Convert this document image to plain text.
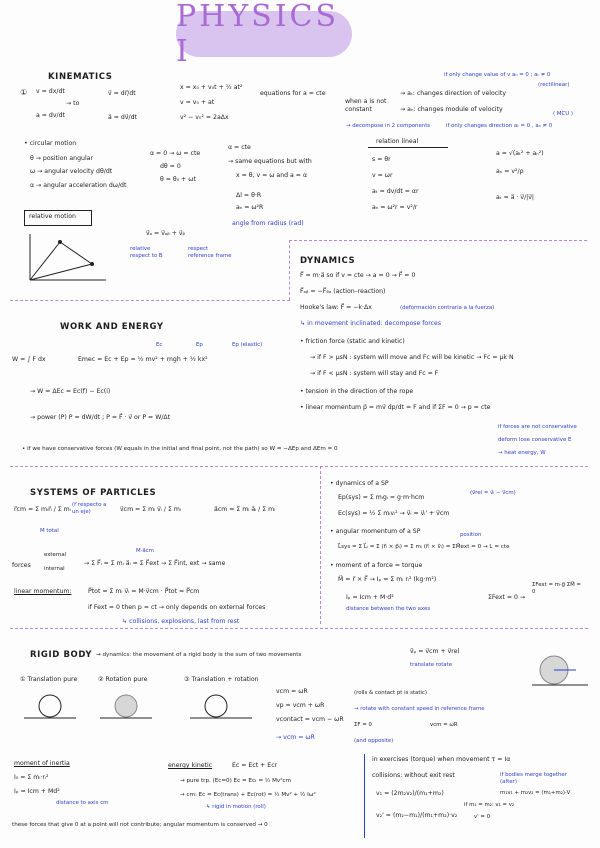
PHYSICS I
KINEMATICS
① v = dx/dt
a = dv/dt
→ to
v⃗ = dr⃗/dt
a⃗ = dv⃗/dt
x = x₀ + v₀t + ½ at²
v = v₀ + at
v² − v₀² = 2aΔx
equations for a = cte
when a is not constant
→ aₜ: changes direction of velocity
→ aₙ: changes module of velocity
if only change value of v aₙ = 0 ; aₜ ≠ 0
(rectilinear)
( MCU )
→ decompose in 2 components	if only changes direction aₜ = 0 , aₙ ≠ 0
• circular motion
θ → position angular
ω → angular velocity dθ/dt
α → angular acceleration dω/dt
α = 0 → ω = cte
dθ = 0
θ = θ₀ + ωt
α = cte
→ same equations but with
x = θ, v = ω and a = α
Δl = θ·R
aₙ = ω²R
angle from radius (rad)
relation lineal
s = θr
v = ωr
aₜ = dv/dt = αr
aₙ = ω²r = v²/r
a = √(aₜ² + aₙ²)
aₙ = v²/ρ
aₜ = a⃗ · v⃗/|v⃗|
relative motion
v⃗ₐ = v⃗ₐᵦ + v⃗ᵦ
relative respect to B
respect reference frame
DYNAMICS
F⃗ = m·a⃗ so if v = cte → a = 0 → F⃗ = 0
F⃗ₐᵦ = −F⃗ᵦₐ (action–reaction)
Hooke's law: F⃗ = −k·Δx	(deformación contraria a la fuerza)
↳ in movement inclinated: decompose forces
• friction force (static and kinetic)
→ if F > μsN : system will move and Fc will be kinetic → Fc = μk·N
→ if F < μsN : system will stay and Fc = F
• tension in the direction of the rope
• linear momentum p⃗ = mv⃗ dp/dt = F and if ΣF = 0 → p = cte
if forces are not conservative
deform lose conservative E
→ heat energy, W
WORK AND ENERGY
Ec	Ep	Ep (elastic)
W = ∫ F dx	Emec = Ec + Ep = ½ mv² + mgh + ½ kx²
→ W = ΔEc = Ec(f) − Ec(i)
→ power (P) P = dW/dt ; P = F⃗ · v⃗ or P = W/Δt
• if we have conservative forces (W equals in the initial and final point, not the path) so W = −ΔEp and ΔEm = 0
SYSTEMS OF PARTICLES
r⃗cm = Σ mᵢr⃗ᵢ / Σ mᵢ
(r⃗ respecto a un eje)	v⃗cm = Σ mᵢ v⃗ᵢ / Σ mᵢ	a⃗cm = Σ mᵢ a⃗ᵢ / Σ mᵢ
M total
forces
external
internal
→ Σ F⃗ᵢ = Σ mᵢ a⃗ᵢ = Σ F⃗ext → Σ F⃗int, ext → same
M·a⃗cm
linear momentum:	P⃗tot = Σ mᵢ v⃗ᵢ = M·v⃗cm · P⃗tot = P⃗cm
if Fext = 0 then p = ct → only depends on external forces
↳ collisions, explosions, last from rest
• dynamics of a SP
Ep(sys) = Σ mᵢgᵢ = g·m·hcm
Ec(sys) = ½ Σ mᵢvᵢ² → v⃗ᵢ = v⃗ᵢ' + v⃗cm
(v⃗rel = v⃗ᵢ − v⃗cm)
• angular momentum of a SP	position
L⃗sys = Σ L⃗ᵢ = Σ (r⃗ᵢ × p⃗ᵢ) = Σ mᵢ (r⃗ᵢ × v⃗ᵢ) = ΣM⃗ext = 0 → L = cte
• moment of a force = torque
M⃗ = r⃗ × F⃗ → Iₚ = Σ mᵢ rᵢ² (kg·m²)
Iₚ = Icm + M·d²
distance between the two axes
ΣFext = 0 →
ΣFext = m·g⃗ ΣM⃗ = 0
RIGID BODY → dynamics: the movement of a rigid body is the sum of two movements	v⃗ₚ = v⃗cm + v⃗rel
translate rotate
① Translation pure	② Rotation pure	③ Translation + rotation
vcm = ωR
vp = vcm + ωR
vcontact = vcm − ωR
→ vcm = ωR
(rolls & contact pt is static)
→ rotate with constant speed in reference frame
ΣF = 0	vcm = ωR
(and opposite)
moment of inertia
I₀ = Σ mᵢ·rᵢ²
Iₚ = Icm + Md²
distance to axis cm
energy kinetic	Ec = Ect + Ecr
→ pure trp. (Ec=0) Ec = Ecₜ = ½ Mv²cm
→ cm: Ec = Ec(trans) + Ec(rot) = ½ Mv² + ½ Iω²
↳ rigid in motion (roll)
in exercises (torque) when movement τ = Iα
collisions: without exit rest
v₁ = (2m₂v₂)/(m₁+m₂)
v₂' = (m₂−m₁)/(m₁+m₂)·v₂
if bodies merge together (after)
m₁v₁ + m₂v₂ = (m₁+m₂)·V
if m₁ = m₂: v₁ = v₂
v' = 0
these forces that give 0 at a point will not contribute; angular momentum is conserved → 0
